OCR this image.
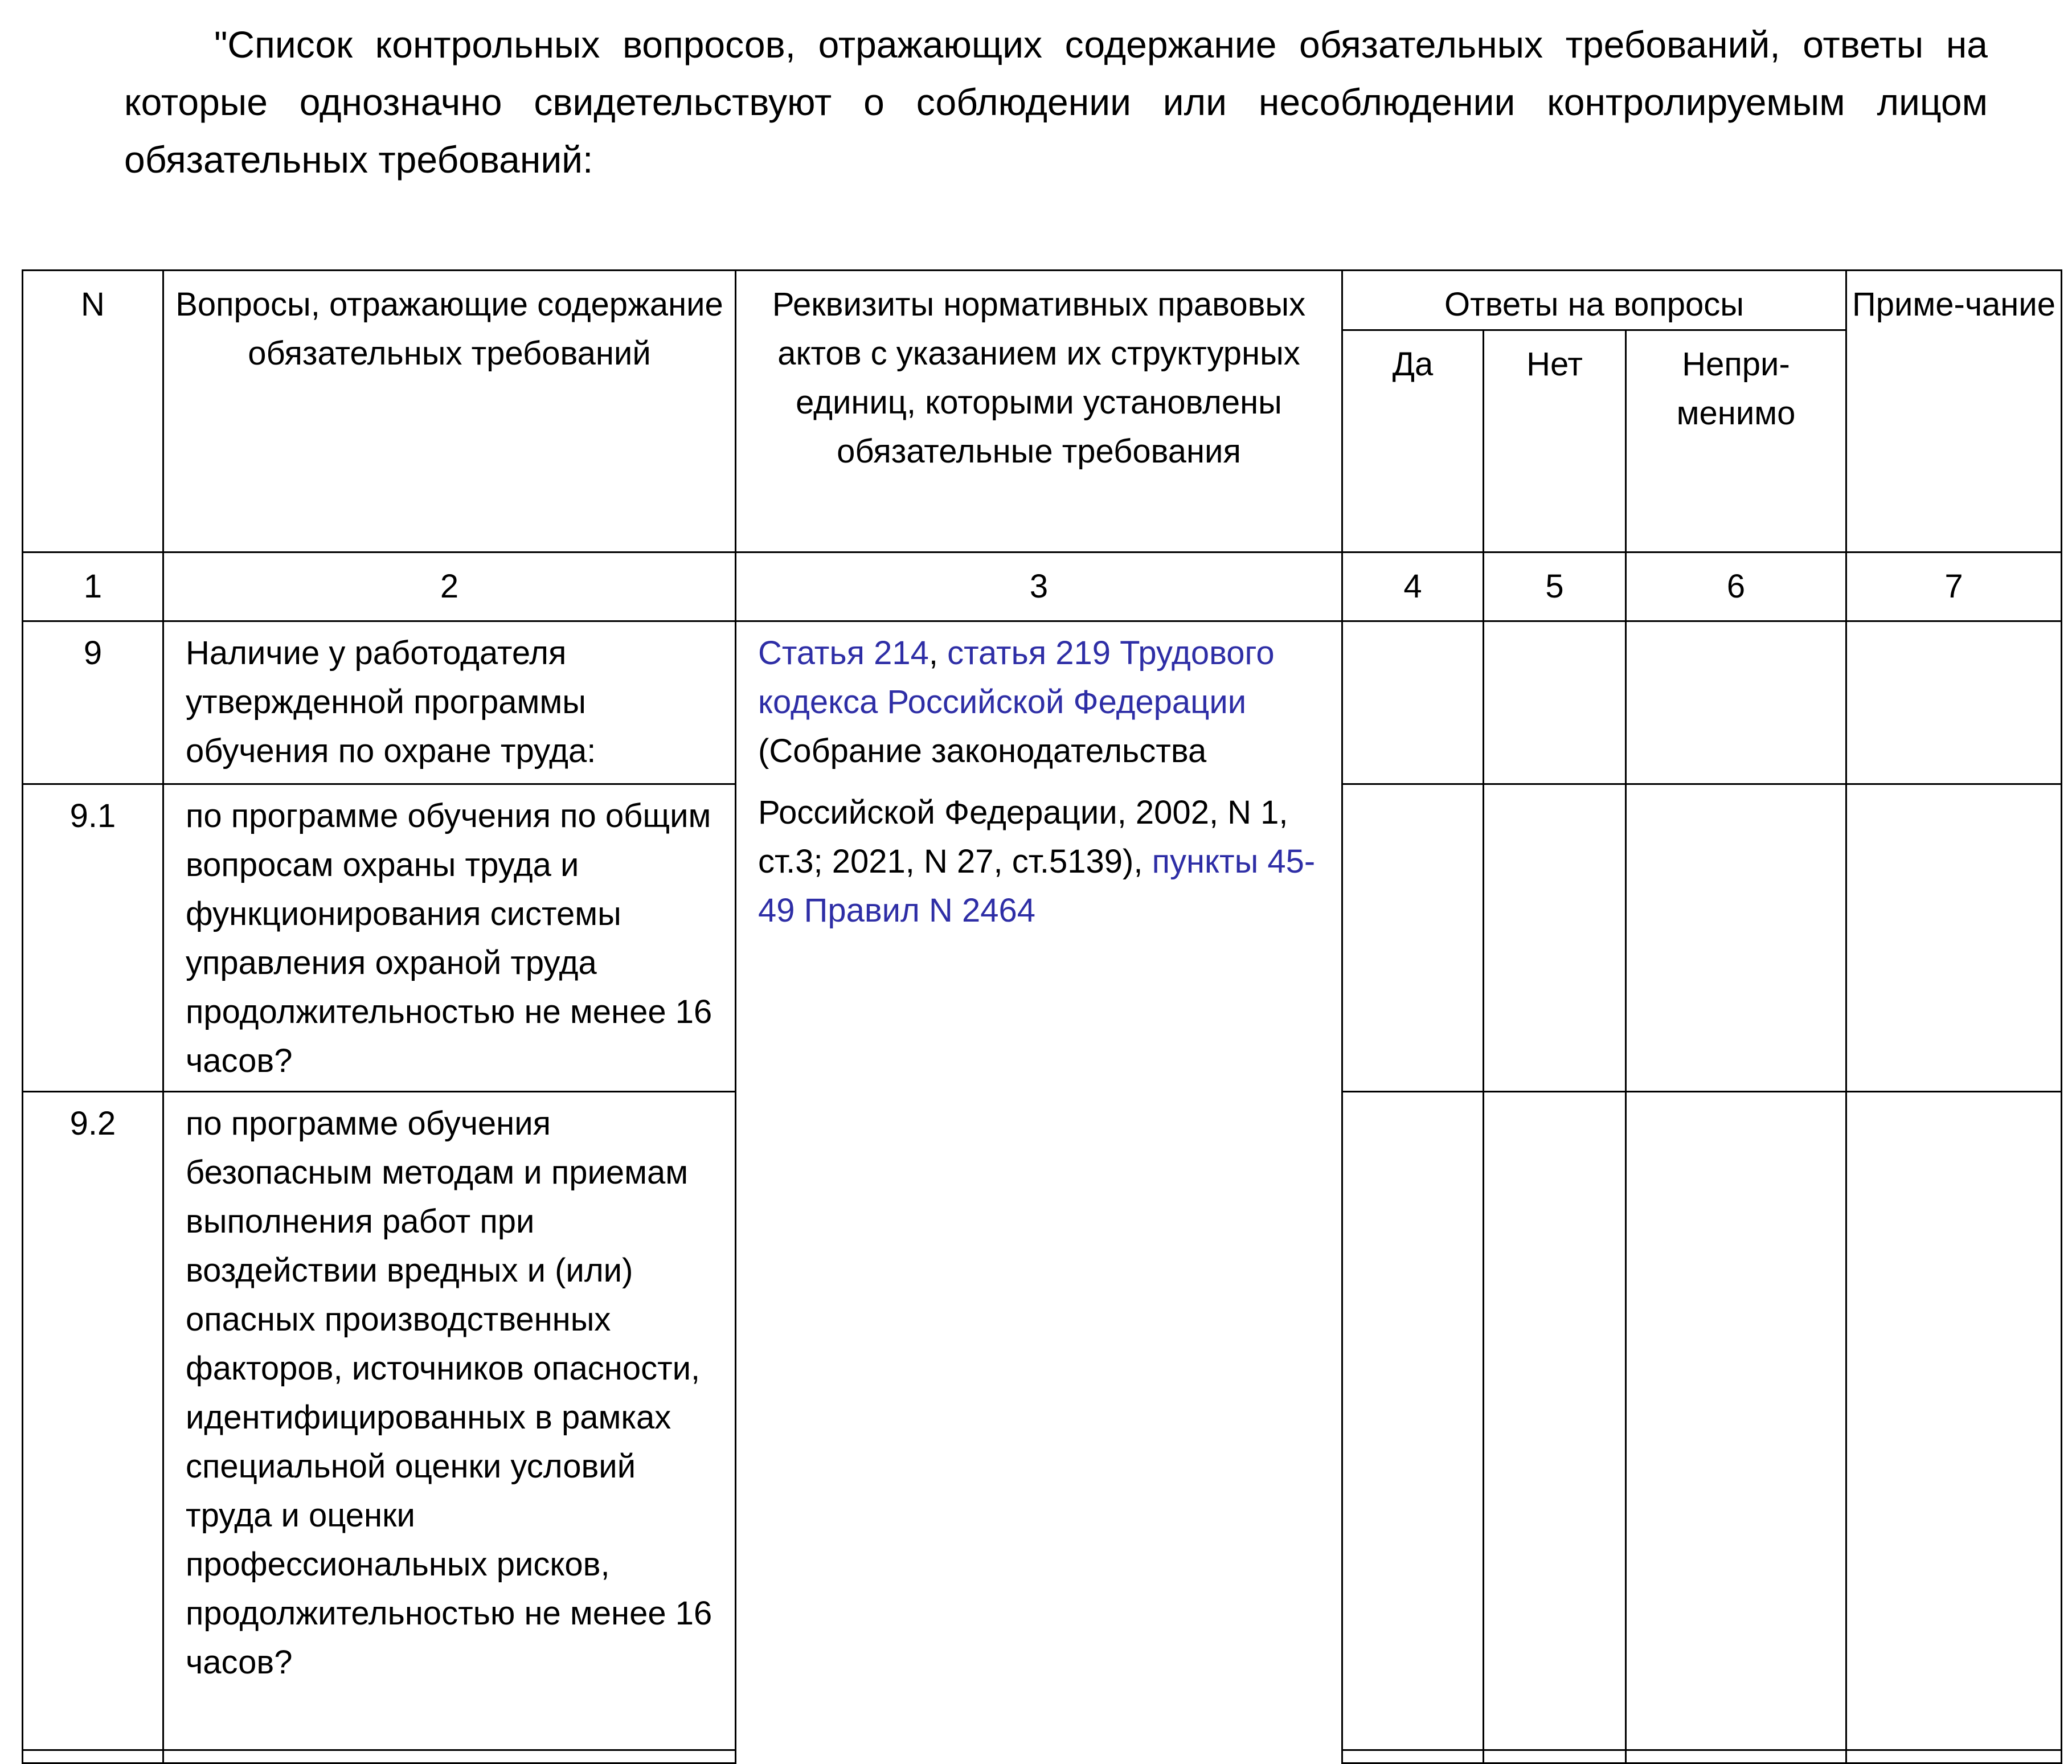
"Список контрольных вопросов, отражающих содержание обязательных требований, ответы на которые однозначно свидетельствуют о соблюдении или несоблюдении контролируемым лицом обязательных требований:
N	Вопросы, отражающие содержание обязательных требований	Реквизиты нормативных правовых актов с указанием их структурных единиц, которыми установлены обязательные требования	Ответы на вопросы			Приме-чание
			Да	Нет	Непри-менимо	
1	2	3	4	5	6	7
9	Наличие у работодателя утвержденной программы обучения по охране труда:	Статья 214, статья 219 Трудового кодекса Российской Федерации (Собрание законодательства
Российской Федерации, 2002, N 1, ст.3; 2021, N 27, ст.5139), пункты 45-49 Правил N 2464				
9.1	по программе обучения по общим вопросам охраны труда и функционирования системы управления охраной труда продолжительностью не менее 16 часов?					
9.2	по программе обучения безопасным методам и приемам выполнения работ при воздействии вредных и (или) опасных производственных факторов, источников опасности, идентифицированных в рамках специальной оценки условий труда и оценки профессиональных рисков, продолжительностью не менее 16 часов?					
